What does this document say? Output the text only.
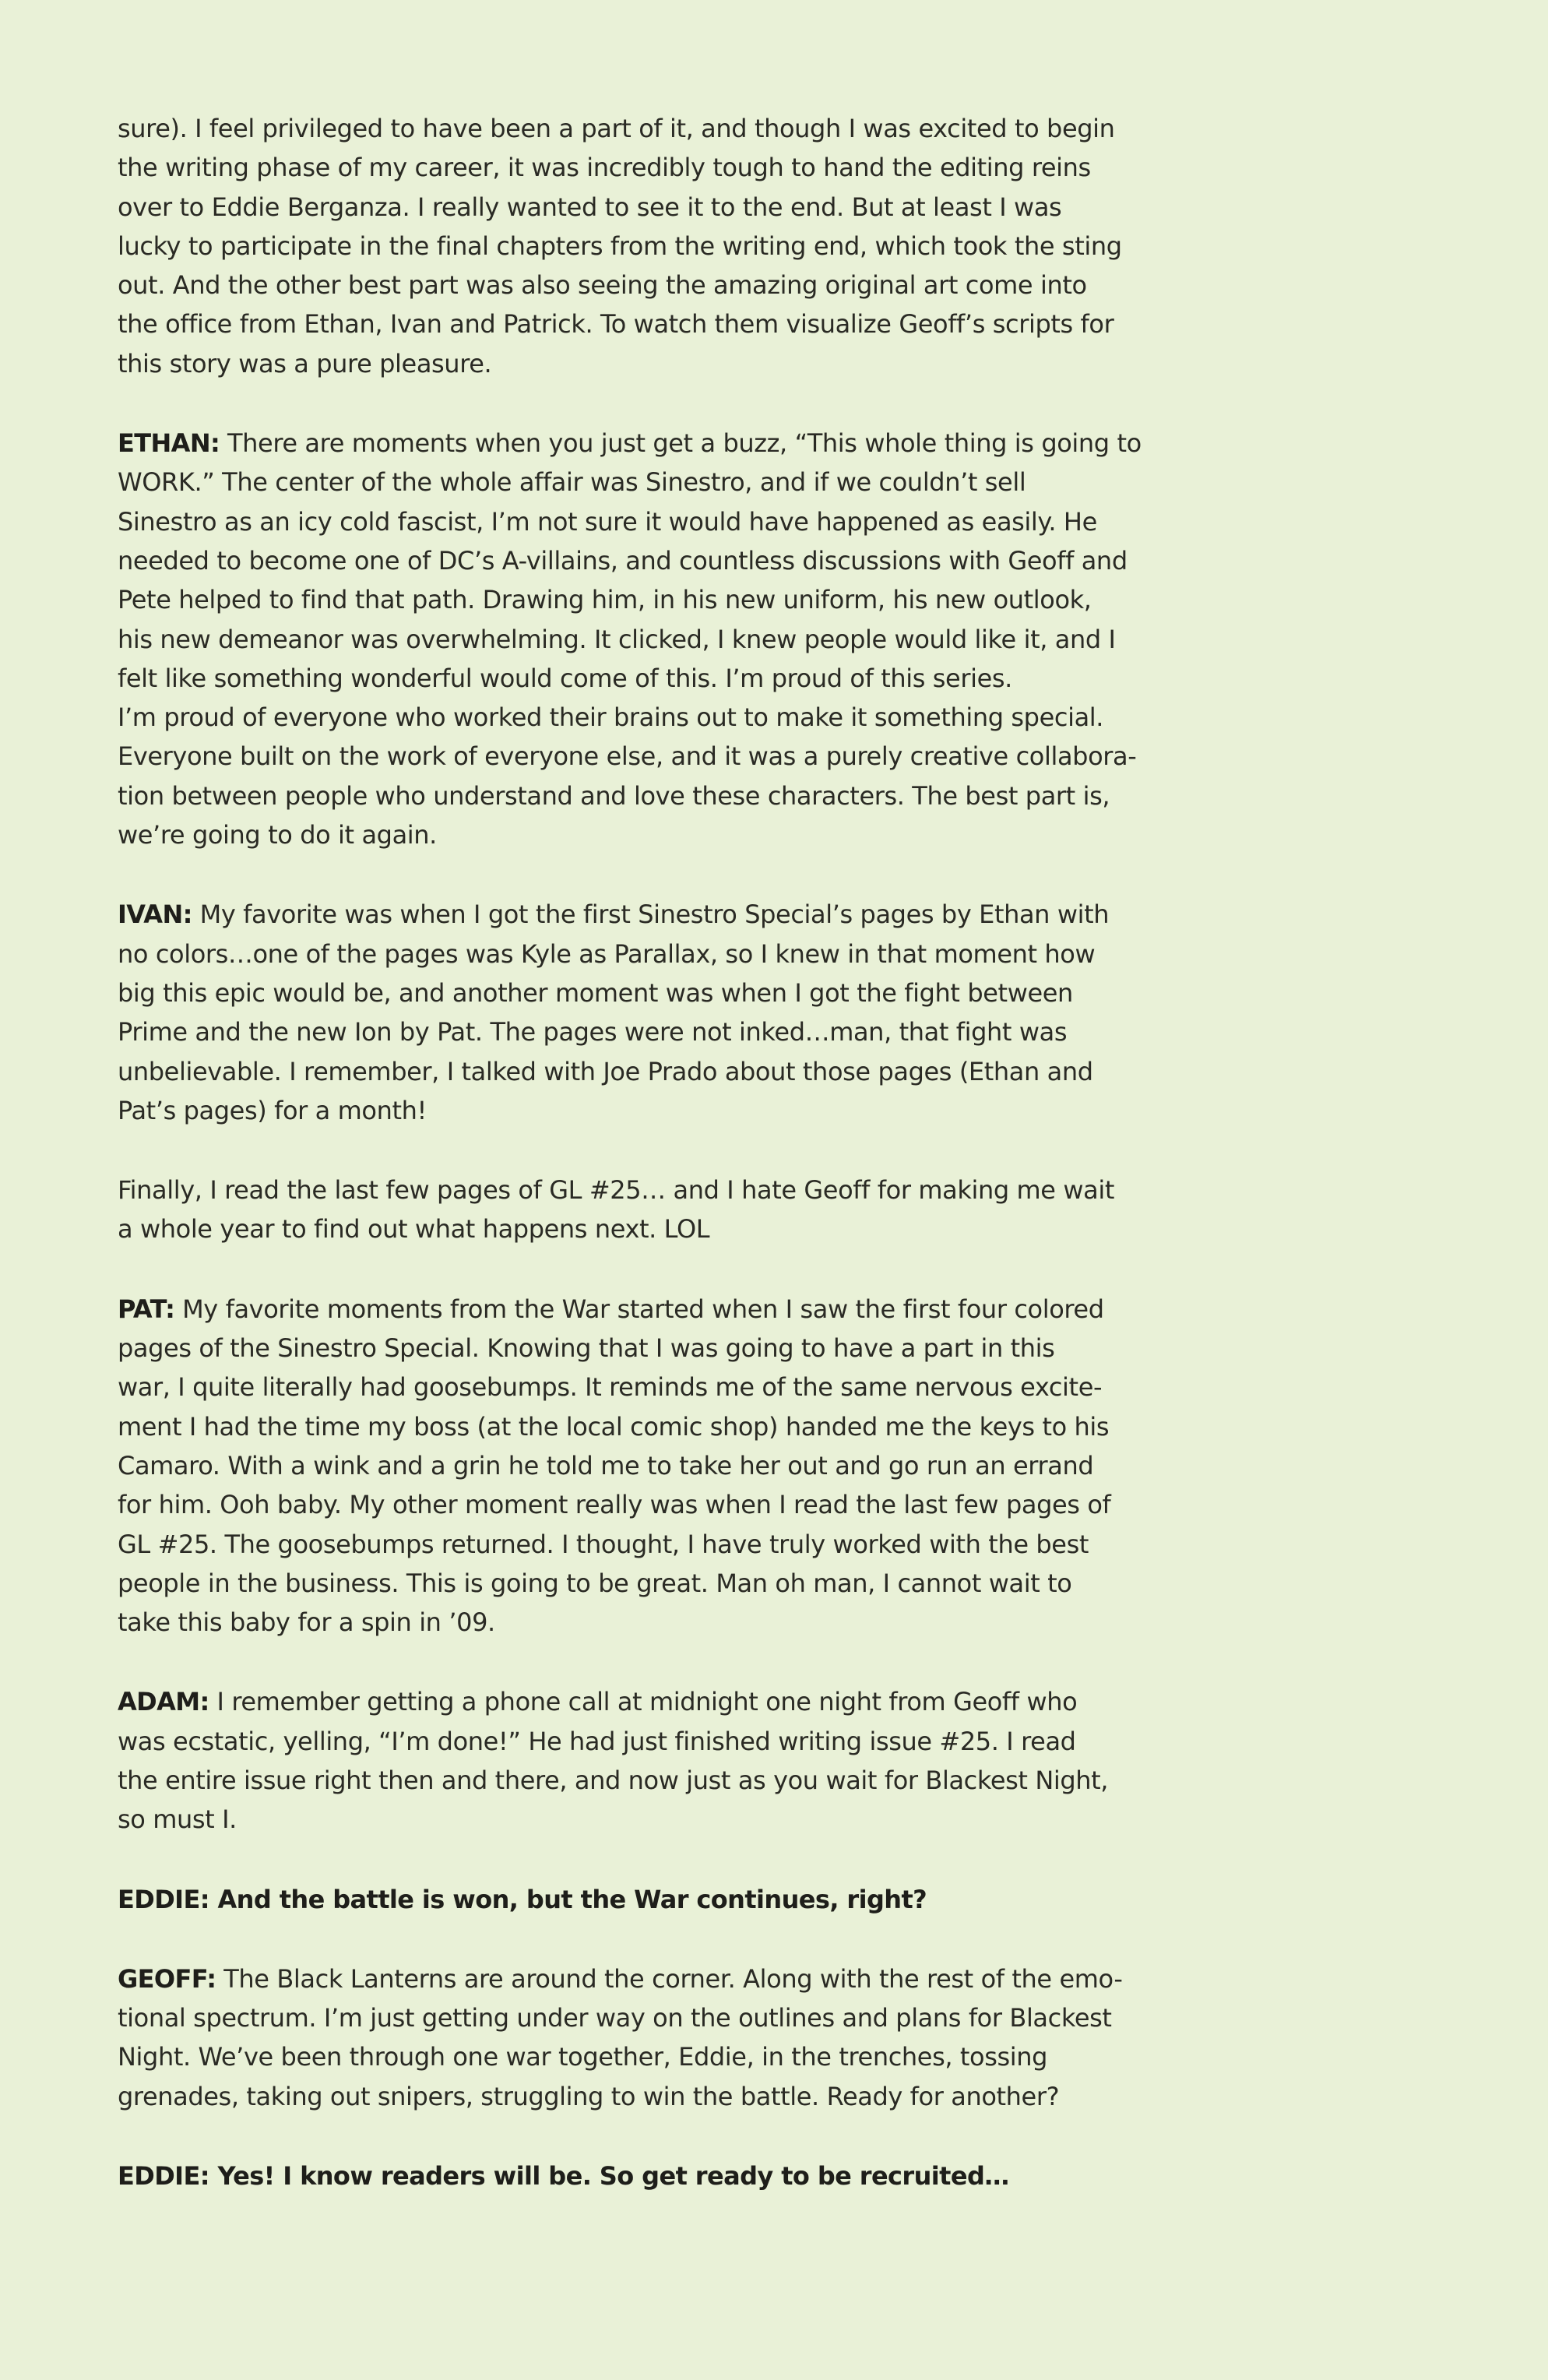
sure). I feel privileged to have been a part of it, and though I was excited to begin
the writing phase of my career, it was incredibly tough to hand the editing reins
over to Eddie Berganza. I really wanted to see it to the end. But at least I was
lucky to participate in the final chapters from the writing end, which took the sting
out. And the other best part was also seeing the amazing original art come into
the office from Ethan, Ivan and Patrick. To watch them visualize Geoff’s scripts for
this story was a pure pleasure.

ETHAN: There are moments when you just get a buzz, “This whole thing is going to
WORK.” The center of the whole affair was Sinestro, and if we couldn’t sell
Sinestro as an icy cold fascist, I’m not sure it would have happened as easily. He
needed to become one of DC’s A-villains, and countless discussions with Geoff and
Pete helped to find that path. Drawing him, in his new uniform, his new outlook,
his new demeanor was overwhelming. It clicked, I knew people would like it, and I
felt like something wonderful would come of this. I’m proud of this series.
I’m proud of everyone who worked their brains out to make it something special.
Everyone built on the work of everyone else, and it was a purely creative collabora-
tion between people who understand and love these characters. The best part is,
we’re going to do it again.

IVAN: My favorite was when I got the first Sinestro Special’s pages by Ethan with
no colors…one of the pages was Kyle as Parallax, so I knew in that moment how
big this epic would be, and another moment was when I got the fight between
Prime and the new Ion by Pat. The pages were not inked…man, that fight was
unbelievable. I remember, I talked with Joe Prado about those pages (Ethan and
Pat’s pages) for a month!

Finally, I read the last few pages of GL #25… and I hate Geoff for making me wait
a whole year to find out what happens next. LOL

PAT: My favorite moments from the War started when I saw the first four colored
pages of the Sinestro Special. Knowing that I was going to have a part in this
war, I quite literally had goosebumps. It reminds me of the same nervous excite-
ment I had the time my boss (at the local comic shop) handed me the keys to his
Camaro. With a wink and a grin he told me to take her out and go run an errand
for him. Ooh baby. My other moment really was when I read the last few pages of
GL #25. The goosebumps returned. I thought, I have truly worked with the best
people in the business. This is going to be great. Man oh man, I cannot wait to
take this baby for a spin in ’09.

ADAM: I remember getting a phone call at midnight one night from Geoff who
was ecstatic, yelling, “I’m done!” He had just finished writing issue #25. I read
the entire issue right then and there, and now just as you wait for Blackest Night,
so must I.

EDDIE: And the battle is won, but the War continues, right?

GEOFF: The Black Lanterns are around the corner. Along with the rest of the emo-
tional spectrum. I’m just getting under way on the outlines and plans for Blackest
Night. We’ve been through one war together, Eddie, in the trenches, tossing
grenades, taking out snipers, struggling to win the battle. Ready for another?

EDDIE: Yes! I know readers will be. So get ready to be recruited…
